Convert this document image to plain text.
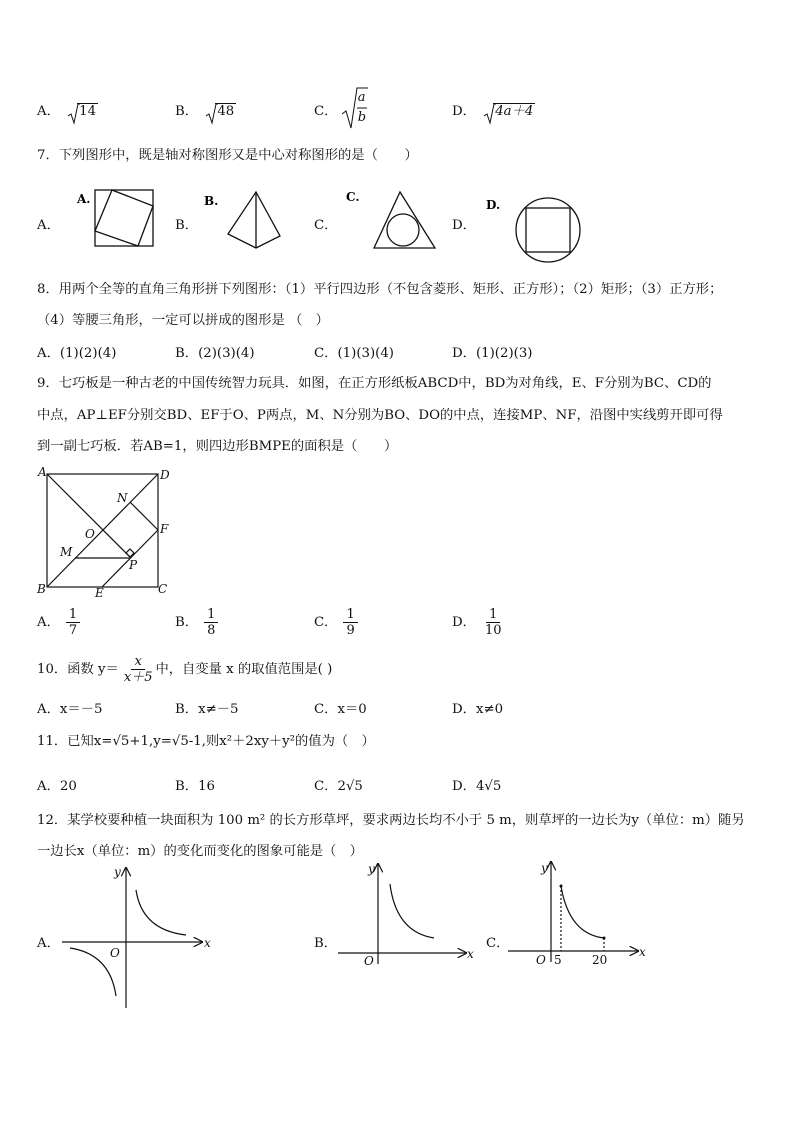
A． 14	B． 48	C．
a
b	D． 4a＋4
7．下列图形中，既是轴对称图形又是中心对称图形的是（　　）
A．
A.
B．
B.
C．
C.
D．
D.
8．用两个全等的直角三角形拼下列图形：（1）平行四边形（不包含菱形、矩形、正方形）；（2）矩形；（3）正方形；
（4）等腰三角形，一定可以拼成的图形是 （　）
A．(1)(2)(4)	B．(2)(3)(4)	C．(1)(3)(4)	D．(1)(2)(3)
9．七巧板是一种古老的中国传统智力玩具．如图，在正方形纸板ABCD中，BD为对角线，E、F分别为BC、CD的
中点，AP⊥EF分别交BD、EF于O、P两点，M、N分别为BO、DO的中点，连接MP、NF，沿图中实线剪开即可得
到一副七巧板．若AB=1，则四边形BMPE的面积是（　　）
A	D
N
O	F
M
P
B	E	C
A． $\frac{1}{7}$	B． $\frac{1}{8}$	C． $\frac{1}{9}$	D． $\frac{1}{10}$
10．函数 $y= \frac{x}{x+5}$ 中，自变量 x 的取值范围是( )
A．x＝－5	B．x≠－5	C．x＝0	D．x≠0
11．已知x=√5+1,y=√5-1,则x²＋2xy＋y²的值为（　）
A．20	B．16	C．2√5	D．4√5
12．某学校要种植一块面积为 100 m² 的长方形草坪，要求两边长均不小于 5 m，则草坪的一边长为y（单位：m）随另
一边长x（单位：m）的变化而变化的图象可能是（　）
A．	x
y
O
B．
x
y
O
C．
x
y
O 5	20
